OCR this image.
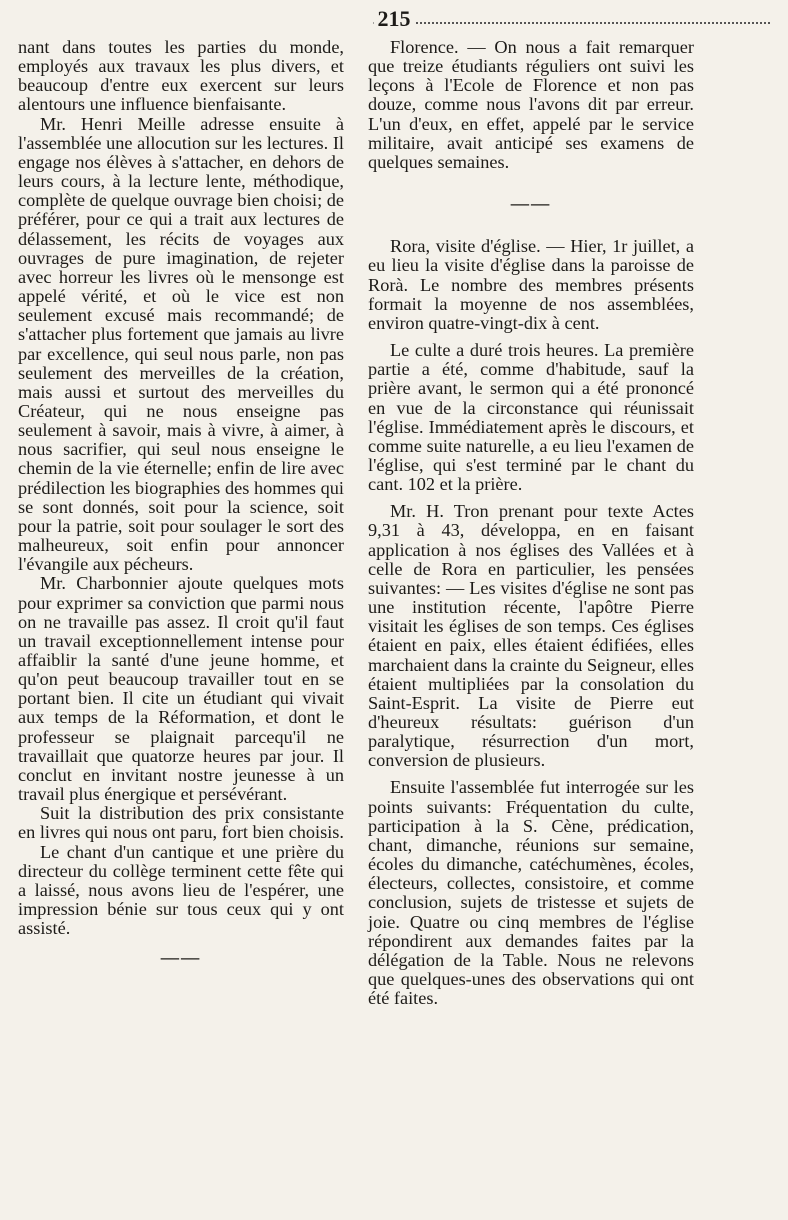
215

nant dans toutes les parties du monde, employés aux travaux les plus divers, et beaucoup d'entre eux exercent sur leurs alentours une influence bienfaisante.

Mr. Henri Meille adresse ensuite à l'assemblée une allocution sur les lectures. Il engage nos élèves à s'attacher, en dehors de leurs cours, à la lecture lente, méthodique, complète de quelque ouvrage bien choisi; de préférer, pour ce qui a trait aux lectures de délassement, les récits de voyages aux ouvrages de pure imagination, de rejeter avec horreur les livres où le mensonge est appelé vérité, et où le vice est non seulement excusé mais recommandé; de s'attacher plus fortement que jamais au livre par excellence, qui seul nous parle, non pas seulement des merveilles de la création, mais aussi et surtout des merveilles du Créateur, qui ne nous enseigne pas seulement à savoir, mais à vivre, à aimer, à nous sacrifier, qui seul nous enseigne le chemin de la vie éternelle; enfin de lire avec prédilection les biographies des hommes qui se sont donnés, soit pour la science, soit pour la patrie, soit pour soulager le sort des malheureux, soit enfin pour annoncer l'évangile aux pécheurs.

Mr. Charbonnier ajoute quelques mots pour exprimer sa conviction que parmi nous on ne travaille pas assez. Il croit qu'il faut un travail exceptionnellement intense pour affaiblir la santé d'une jeune homme, et qu'on peut beaucoup travailler tout en se portant bien. Il cite un étudiant qui vivait aux temps de la Réformation, et dont le professeur se plaignait parcequ'il ne travaillait que quatorze heures par jour. Il conclut en invitant nostre jeunesse à un travail plus énergique et persévérant.

Suit la distribution des prix consistante en livres qui nous ont paru, fort bien choisis.

Le chant d'un cantique et une prière du directeur du collège terminent cette fête qui a laissé, nous avons lieu de l'espérer, une impression bénie sur tous ceux qui y ont assisté.

——

Florence. — On nous a fait remarquer que treize étudiants réguliers ont suivi les leçons à l'Ecole de Florence et non pas douze, comme nous l'avons dit par erreur. L'un d'eux, en effet, appelé par le service militaire, avait anticipé ses examens de quelques semaines.

——

Rora, visite d'église. — Hier, 1r juillet, a eu lieu la visite d'église dans la paroisse de Rorà. Le nombre des membres présents formait la moyenne de nos assemblées, environ quatre-vingt-dix à cent.

Le culte a duré trois heures. La première partie a été, comme d'habitude, sauf la prière avant, le sermon qui a été prononcé en vue de la circonstance qui réunissait l'église. Immédiatement après le discours, et comme suite naturelle, a eu lieu l'examen de l'église, qui s'est terminé par le chant du cant. 102 et la prière.

Mr. H. Tron prenant pour texte Actes 9,31 à 43, développa, en en faisant application à nos églises des Vallées et à celle de Rora en particulier, les pensées suivantes: — Les visites d'église ne sont pas une institution récente, l'apôtre Pierre visitait les églises de son temps. Ces églises étaient en paix, elles étaient édifiées, elles marchaient dans la crainte du Seigneur, elles étaient multipliées par la consolation du Saint-Esprit. La visite de Pierre eut d'heureux résultats: guérison d'un paralytique, résurrection d'un mort, conversion de plusieurs.

Ensuite l'assemblée fut interrogée sur les points suivants: Fréquentation du culte, participation à la S. Cène, prédication, chant, dimanche, réunions sur semaine, écoles du dimanche, catéchumènes, écoles, électeurs, collectes, consistoire, et comme conclusion, sujets de tristesse et sujets de joie. Quatre ou cinq membres de l'église répondirent aux demandes faites par la délégation de la Table. Nous ne relevons que quelques-unes des observations qui ont été faites.
